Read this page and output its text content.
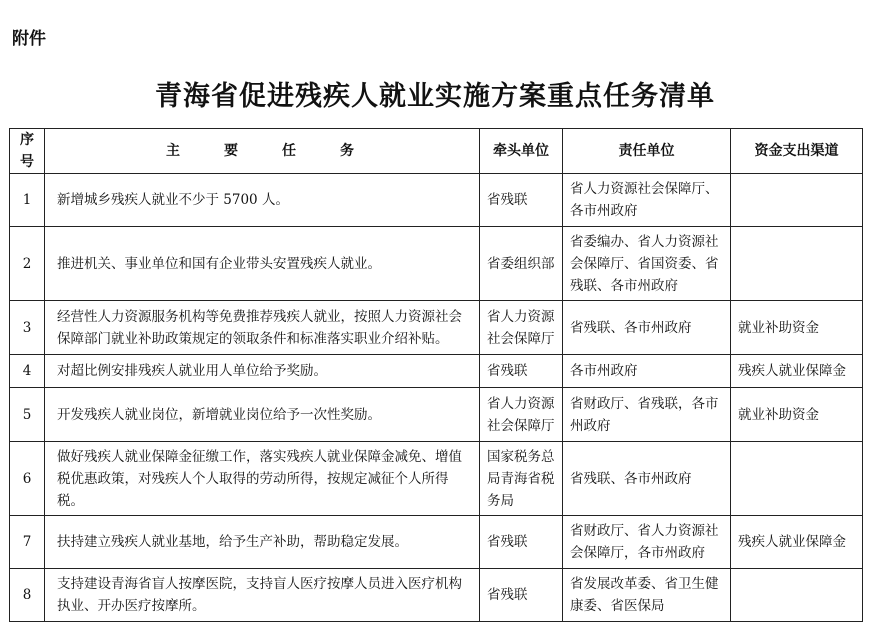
附件
青海省促进残疾人就业实施方案重点任务清单
序号	主要任务	牵头单位	责任单位	资金支出渠道
1	新增城乡残疾人就业不少于 5700 人。	省残联	省人力资源社会保障厅、各市州政府	
2	推进机关、事业单位和国有企业带头安置残疾人就业。	省委组织部	省委编办、省人力资源社会保障厅、省国资委、省残联、各市州政府	
3	经营性人力资源服务机构等免费推荐残疾人就业，按照人力资源社会保障部门就业补助政策规定的领取条件和标准落实职业介绍补贴。	省人力资源社会保障厅	省残联、各市州政府	就业补助资金
4	对超比例安排残疾人就业用人单位给予奖励。	省残联	各市州政府	残疾人就业保障金
5	开发残疾人就业岗位，新增就业岗位给予一次性奖励。	省人力资源社会保障厅	省财政厅、省残联，各市州政府	就业补助资金
6	做好残疾人就业保障金征缴工作，落实残疾人就业保障金减免、增值税优惠政策，对残疾人个人取得的劳动所得，按规定减征个人所得税。	国家税务总局青海省税务局	省残联、各市州政府	
7	扶持建立残疾人就业基地，给予生产补助，帮助稳定发展。	省残联	省财政厅、省人力资源社会保障厅，各市州政府	残疾人就业保障金
8	支持建设青海省盲人按摩医院，支持盲人医疗按摩人员进入医疗机构执业、开办医疗按摩所。	省残联	省发展改革委、省卫生健康委、省医保局	
